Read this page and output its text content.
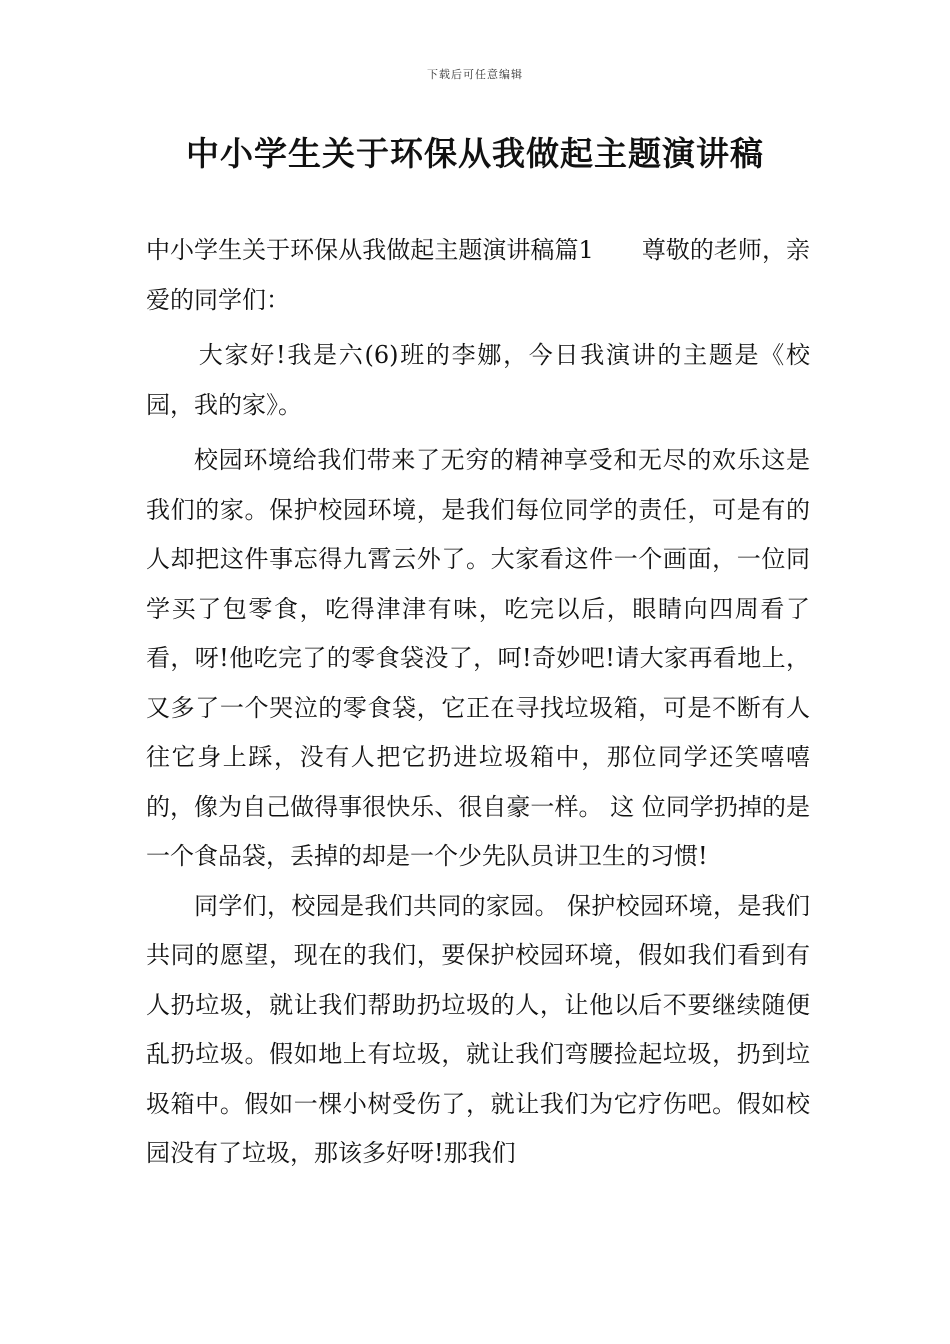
下载后可任意编辑
中小学生关于环保从我做起主题演讲稿

中小学生关于环保从我做起主题演讲稿篇1　　尊敬的老师，亲爱的同学们：

大家好!我是六(6)班的李娜，今日我演讲的主题是《校园，我的家》。

校园环境给我们带来了无穷的精神享受和无尽的欢乐这是我们的家。保护校园环境，是我们每位同学的责任，可是有的人却把这件事忘得九霄云外了。大家看这件一个画面，一位同学买了包零食，吃得津津有味，吃完以后，眼睛向四周看了看，呀!他吃完了的零食袋没了，呵!奇妙吧!请大家再看地上，又多了一个哭泣的零食袋，它正在寻找垃圾箱，可是不断有人往它身上踩，没有人把它扔进垃圾箱中，那位同学还笑嘻嘻的，像为自己做得事很快乐、很自豪一样。 这 位同学扔掉的是一个食品袋，丢掉的却是一个少先队员讲卫生的习惯!

同学们，校园是我们共同的家园。 保护校园环境，是我们共同的愿望，现在的我们，要保护校园环境，假如我们看到有人扔垃圾，就让我们帮助扔垃圾的人，让他以后不要继续随便乱扔垃圾。假如地上有垃圾，就让我们弯腰捡起垃圾，扔到垃圾箱中。假如一棵小树受伤了，就让我们为它疗伤吧。假如校园没有了垃圾，那该多好呀!那我们
